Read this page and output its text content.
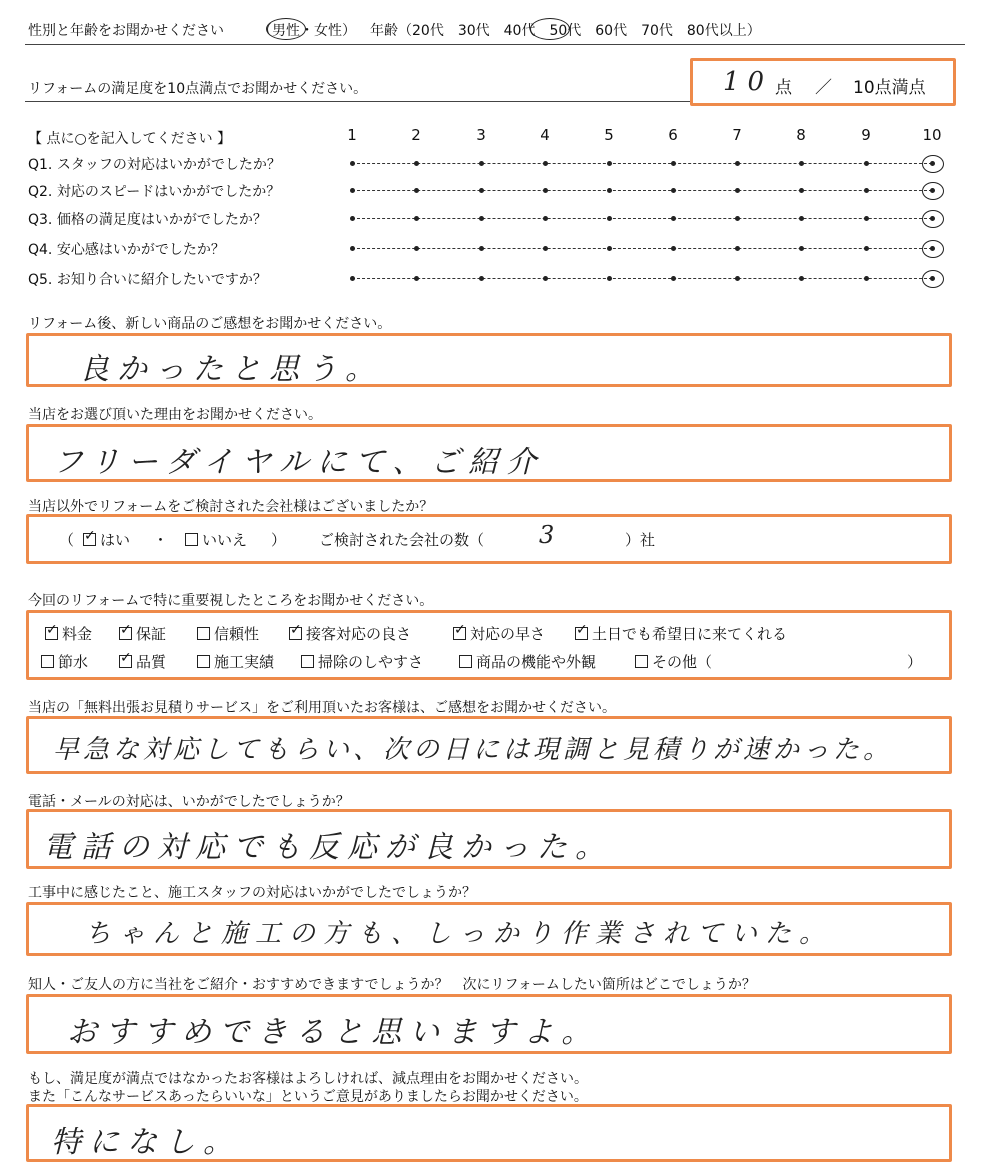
性別と年齢をお聞かせください （男性・女性） 年齢（20代　30代　40代　50代　60代　70代　80代以上）
リフォームの満足度を10点満点でお聞かせください。	10 点 ／ 10点満点
【 点に○を記入してください 】	1	2	3	4	5	6	7	8	9	10
Q1. スタッフの対応はいかがでしたか？
Q2. 対応のスピードはいかがでしたか？
Q3. 価格の満足度はいかがでしたか？
Q4. 安心感はいかがでしたか？
Q5. お知り合いに紹介したいですか？
リフォーム後、新しい商品のご感想をお聞かせください。
良かったと思う。
当店をお選び頂いた理由をお聞かせください。
フリーダイヤルにて、ご紹介
当店以外でリフォームをご検討された会社様はございましたか？
（ ✓	はい ・	いいえ ） ご検討された会社の数（ 3	）社
今回のリフォームで特に重要視したところをお聞かせください。
✓料金 ✓	保証	信頼性 ✓	接客対応の良さ ✓	対応の早さ ✓	土日でも希望日に来てくれる
節水 ✓	品質	施工実績	掃除のしやすさ	商品の機能や外観	その他（	）
当店の「無料出張お見積りサービス」をご利用頂いたお客様は、ご感想をお聞かせください。
早急な対応してもらい、次の日には現調と見積りが速かった。
電話・メールの対応は、いかがでしたでしょうか？
電話の対応でも反応が良かった。
工事中に感じたこと、施工スタッフの対応はいかがでしたでしょうか？
ちゃんと施工の方も、しっかり作業されていた。
知人・ご友人の方に当社をご紹介・おすすめできますでしょうか？　次にリフォームしたい箇所はどこでしょうか？
おすすめできると思いますよ。
もし、満足度が満点ではなかったお客様はよろしければ、減点理由をお聞かせください。
また「こんなサービスあったらいいな」というご意見がありましたらお聞かせください。
特になし。
